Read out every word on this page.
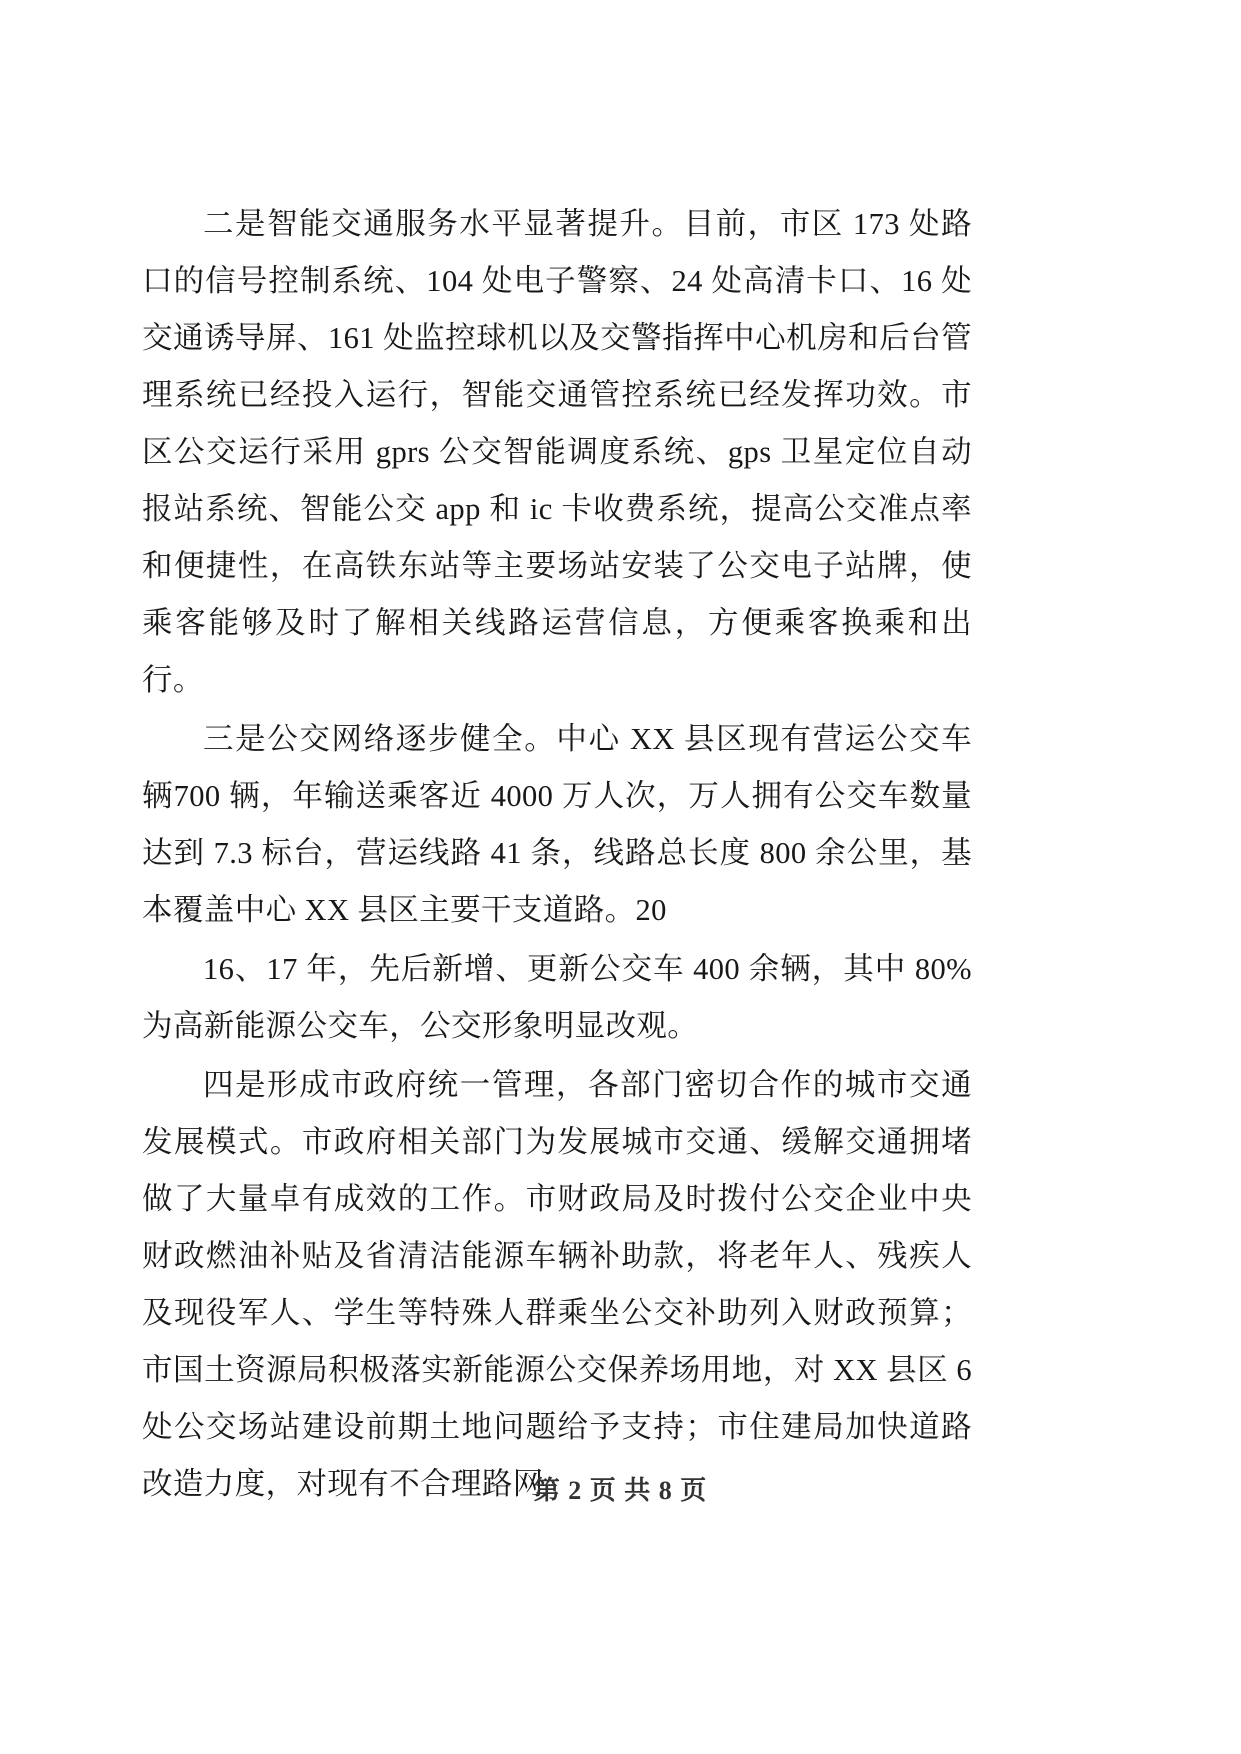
二是智能交通服务水平显著提升。目前，市区 173 处路口的信号控制系统、104 处电子警察、24 处高清卡口、16 处交通诱导屏、161 处监控球机以及交警指挥中心机房和后台管理系统已经投入运行，智能交通管控系统已经发挥功效。市区公交运行采用 gprs 公交智能调度系统、gps 卫星定位自动报站系统、智能公交 app 和 ic 卡收费系统，提高公交准点率和便捷性，在高铁东站等主要场站安装了公交电子站牌，使乘客能够及时了解相关线路运营信息，方便乘客换乘和出行。

三是公交网络逐步健全。中心 XX 县区现有营运公交车辆700 辆，年输送乘客近 4000 万人次，万人拥有公交车数量达到 7.3 标台，营运线路 41 条，线路总长度 800 余公里，基本覆盖中心 XX 县区主要干支道路。20

16、17 年，先后新增、更新公交车 400 余辆，其中 80%为高新能源公交车，公交形象明显改观。

四是形成市政府统一管理，各部门密切合作的城市交通发展模式。市政府相关部门为发展城市交通、缓解交通拥堵做了大量卓有成效的工作。市财政局及时拨付公交企业中央财政燃油补贴及省清洁能源车辆补助款，将老年人、残疾人及现役军人、学生等特殊人群乘坐公交补助列入财政预算；市国土资源局积极落实新能源公交保养场用地，对 XX 县区 6 处公交场站建设前期土地问题给予支持；市住建局加快道路改造力度，对现有不合理路网

第 2 页 共 8 页
